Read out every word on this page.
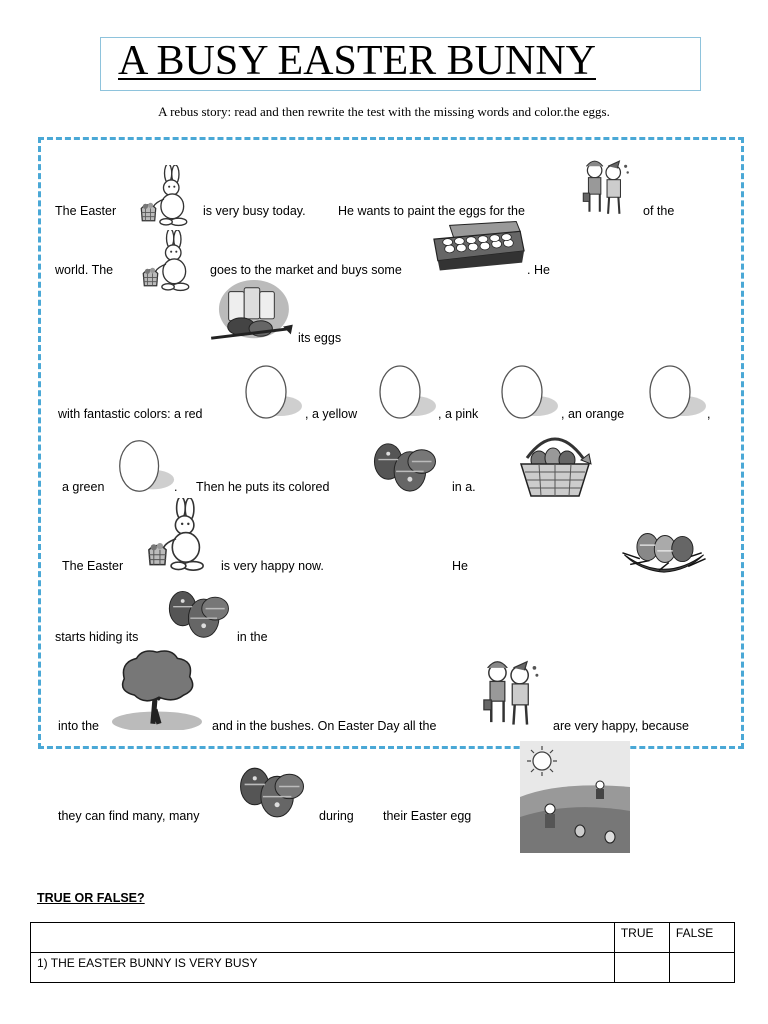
A BUSY EASTER BUNNY
A rebus story: read and then rewrite the test with the missing words and color.the eggs.
The Easter	is very busy today.	He wants to paint the eggs for the	of the
world. The	goes to the market and buys some	. He
its eggs
with fantastic colors: a red	, a yellow	, a pink	, an orange	,
a green	. Then he puts its colored	in a.
The Easter	is very happy now.	He
starts hiding its	in the
into the	and in the bushes. On Easter Day all the	are very happy, because
they can find many, many	during their Easter egg
TRUE OR FALSE?

	TRUE	FALSE

1) THE EASTER BUNNY IS VERY BUSY		
